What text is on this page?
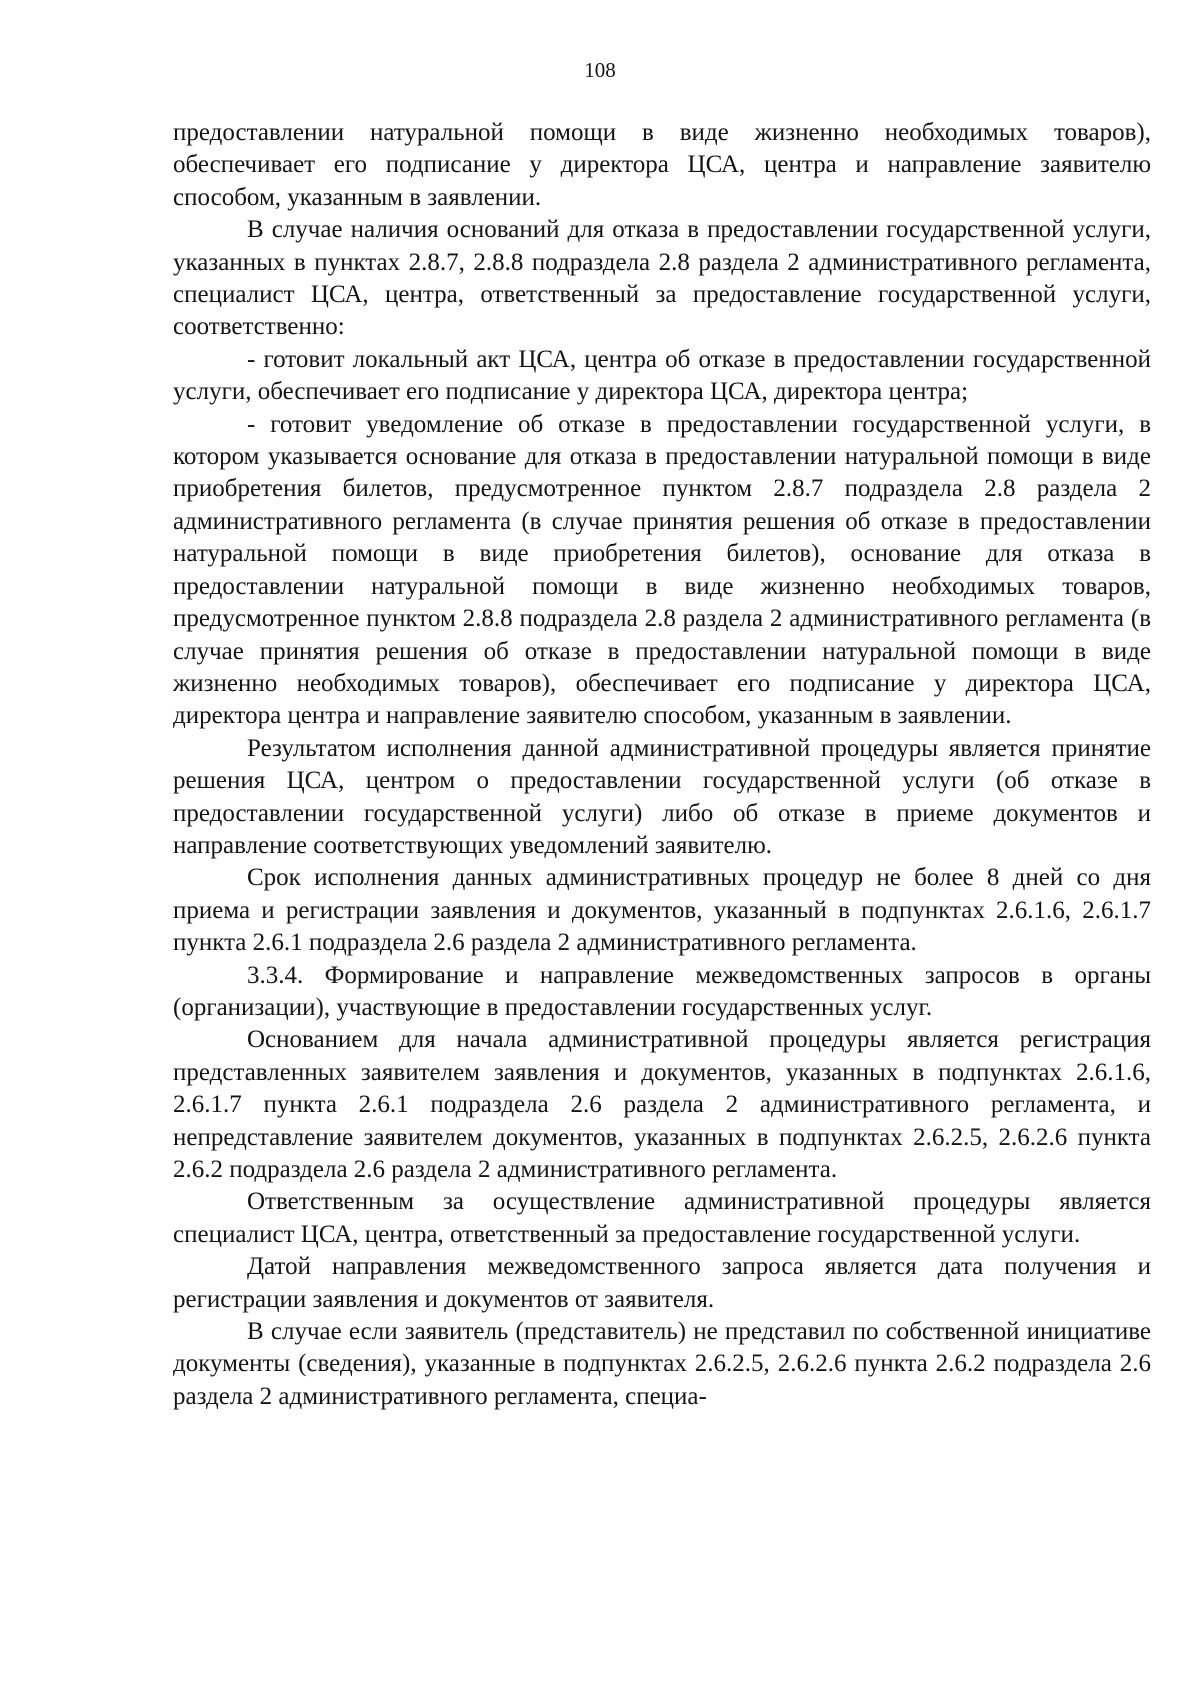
108

предоставлении натуральной помощи в виде жизненно необходимых товаров), обеспечивает его подписание у директора ЦСА, центра и направление заявителю способом, указанным в заявлении.

В случае наличия оснований для отказа в предоставлении государственной услуги, указанных в пунктах 2.8.7, 2.8.8 подраздела 2.8 раздела 2 административного регламента, специалист ЦСА, центра, ответственный за предоставление государственной услуги, соответственно:

- готовит локальный акт ЦСА, центра об отказе в предоставлении государственной услуги, обеспечивает его подписание у директора ЦСА, директора центра;

- готовит уведомление об отказе в предоставлении государственной услуги, в котором указывается основание для отказа в предоставлении натуральной помощи в виде приобретения билетов, предусмотренное пунктом 2.8.7 подраздела 2.8 раздела 2 административного регламента (в случае принятия решения об отказе в предоставлении натуральной помощи в виде приобретения билетов), основание для отказа в предоставлении натуральной помощи в виде жизненно необходимых товаров, предусмотренное пунктом 2.8.8 подраздела 2.8 раздела 2 административного регламента (в случае принятия решения об отказе в предоставлении натуральной помощи в виде жизненно необходимых товаров), обеспечивает его подписание у директора ЦСА, директора центра и направление заявителю способом, указанным в заявлении.

Результатом исполнения данной административной процедуры является принятие решения ЦСА, центром о предоставлении государственной услуги (об отказе в предоставлении государственной услуги) либо об отказе в приеме документов и направление соответствующих уведомлений заявителю.

Срок исполнения данных административных процедур не более 8 дней со дня приема и регистрации заявления и документов, указанный в подпунктах 2.6.1.6, 2.6.1.7 пункта 2.6.1 подраздела 2.6 раздела 2 административного регламента.

3.3.4. Формирование и направление межведомственных запросов в органы (организации), участвующие в предоставлении государственных услуг.

Основанием для начала административной процедуры является регистрация представленных заявителем заявления и документов, указанных в подпунктах 2.6.1.6, 2.6.1.7 пункта 2.6.1 подраздела 2.6 раздела 2 административного регламента, и непредставление заявителем документов, указанных в подпунктах 2.6.2.5, 2.6.2.6 пункта 2.6.2 подраздела 2.6 раздела 2 административного регламента.

Ответственным за осуществление административной процедуры является специалист ЦСА, центра, ответственный за предоставление государственной услуги.

Датой направления межведомственного запроса является дата получения и регистрации заявления и документов от заявителя.

В случае если заявитель (представитель) не представил по собственной инициативе документы (сведения), указанные в подпунктах 2.6.2.5, 2.6.2.6 пункта 2.6.2 подраздела 2.6 раздела 2 административного регламента, специа-
